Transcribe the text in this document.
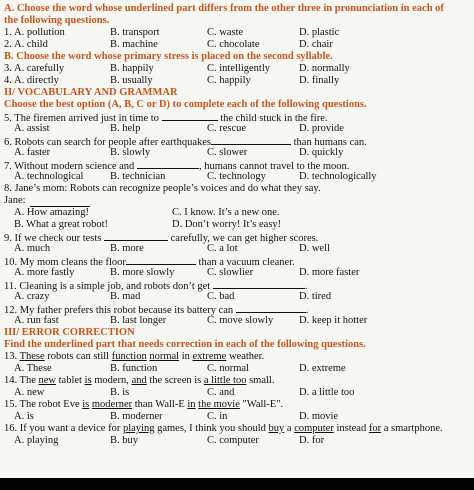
A. Choose the word whose underlined part differs from the other three in pronunciation in each of
the following questions.
1. A. pollution	B. transport	C. waste	D. plastic
2. A. child	B. machine	C. chocolate	D. chair
B. Choose the word whose primary stress is placed on the second syllable.
3. A. carefully	B. happily	C. intelligently	D. normally
4. A. directly	B. usually	C. happily	D. finally
II/ VOCABULARY AND GRAMMAR
Choose the best option (A, B, C or D) to complete each of the following questions.
5. The firemen arrived just in time to	the child stuck in the fire.
A. assist	B. help	C. rescue	D. provide
6. Robots can search for people after earthquakes	than humans can.
A. faster	B. slowly	C. slower	D. quickly
7. Without modern science and	, humans cannot travel to the moon.
A. technological	B. technician	C. technology	D. technologically
8. Jane’s mom: Robots can recognize people’s voices and do what they say.
Jane:
A. How amazing!	C. I know. It’s a new one.
B. What a great robot!	D. Don’t worry! It’s easy!
9. If we check our tests	carefully, we can get higher scores.
A. much	B. more	C. a lot	D. well
10. My mom cleans the floor	than a vacuum cleaner.
A. more fastly	B. more slowly	C. slowlier	D. more faster
11. Cleaning is a simple job, and robots don’t get	.
A. crazy	B. mad	C. bad	D. tired
12. My father prefers this robot because its battery can	.
A. run fast	B. last longer	C. move slowly D. keep it hotter
III/ ERROR CORRECTION
Find the underlined part that needs correction in each of the following questions.
13. These robots can still function normal in extreme weather.
A. These	B. function	C. normal	D. extreme
14. The new tablet is modern, and the screen is a little too small.
A. new	B. is	C. and	D. a little too
15. The robot Eve is moderner than Wall-E in the movie "Wall-E".
A. is	B. moderner	C. in	D. movie
16. If you want a device for playing games, I think you should buy a computer instead for a smartphone.
A. playing	B. buy	C. computer	D. for
